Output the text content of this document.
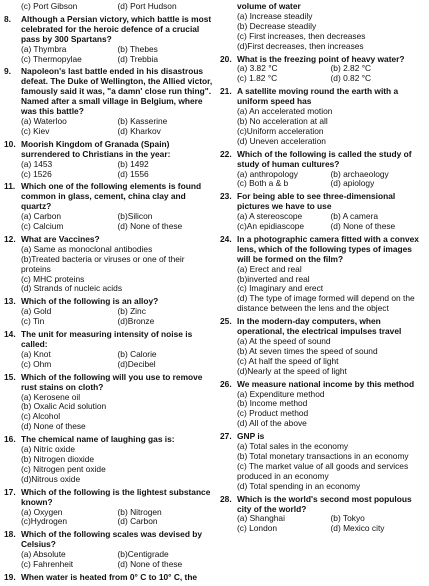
(c) Port Gibson	(d) Port Hudson
8.	Although a Persian victory, which battle is most celebrated for the heroic defence of a crucial pass by 300 Spartans?
(a) Thymbra	(b) Thebes
(c) Thermopylae	(d) Trebbia
9.	Napoleon's last battle ended in his disastrous defeat. The Duke of Wellington, the Allied victor, famously said it was, "a damn' close run thing". Named after a small village in Belgium, where was this battle?
(a) Waterloo	(b) Kasserine
(c) Kiev	(d) Kharkov
10. Moorish Kingdom of Granada (Spain) surrendered to Christians in the year:
(a) 1453	(b) 1492
(c) 1526	(d) 1556
11. Which one of the following elements is found common in glass, cement, china clay and quartz?
(a) Carbon	(b)Silicon
(c) Calcium	(d) None of these
12. What are Vaccines?
(a) Same as monoclonal antibodies
(b)Treated bacteria or viruses or one of their proteins
(c) MHC proteins
(d) Strands of nucleic acids
13. Which of the following is an alloy?
(a) Gold	(b) Zinc
(c) Tin	(d)Bronze
14. The unit for measuring intensity of noise is called:
(a) Knot	(b) Calorie
(c) Ohm	(d)Decibel
15. Which of the following will you use to remove rust stains on cloth?
(a) Kerosene oil
(b) Oxalic Acid solution
(c) Alcohol
(d) None of these
16. The chemical name of laughing gas is:
(a) Nitric oxide
(b) Nitrogen dioxide
(c) Nitrogen pent oxide
(d)Nitrous oxide
17. Which of the following is the lightest substance known?
(a) Oxygen	(b) Nitrogen
(c)Hydrogen	(d) Carbon
18. Which of the following scales was devised by Celsius?
(a) Absolute	(b)Centigrade
(c) Fahrenheit	(d) None of these
19. When water is heated from 0° C to 10° C, the
volume of water
(a) Increase steadily
(b) Decrease steadily
(c) First increases, then decreases
(d)First decreases, then increases
20. What is the freezing point of heavy water?
(a) 3.82 °C	(b) 2.82 °C
(c) 1.82 °C	(d) 0.82 °C
21. A satellite moving round the earth with a uniform speed has
(a) An accelerated motion
(b) No acceleration at all
(c)Uniform acceleration
(d) Uneven acceleration
22. Which of the following is called the study of study of human cultures?
(a) anthropology	(b) archaeology
(c) Both a & b	(d) apiology
23. For being able to see three-dimensional pictures we have to use
(a) A stereoscope	(b) A camera
(c)An epidiascope	(d) None of these
24. In a photographic camera fitted with a convex lens, which of the following types of images will be formed on the film?
(a) Erect and real
(b)inverted and real
(c) Imaginary and erect
(d) The type of image formed will depend on the distance between the lens and the object
25. In the modern-day computers, when operational, the electrical impulses travel
(a) At the speed of sound
(b) At seven times the speed of sound
(c) At half the speed of light
(d)Nearly at the speed of light
26. We measure national income by this method
(a) Expenditure method
(b) Income method
(c) Product method
(d) All of the above
27. GNP is
(a) Total sales in the economy
(b) Total monetary transactions in an economy
(c) The market value of all goods and services produced in an economy
(d) Total spending in an economy
28. Which is the world's second most populous city of the world?
(a) Shanghai	(b) Tokyo
(c) London	(d) Mexico city
